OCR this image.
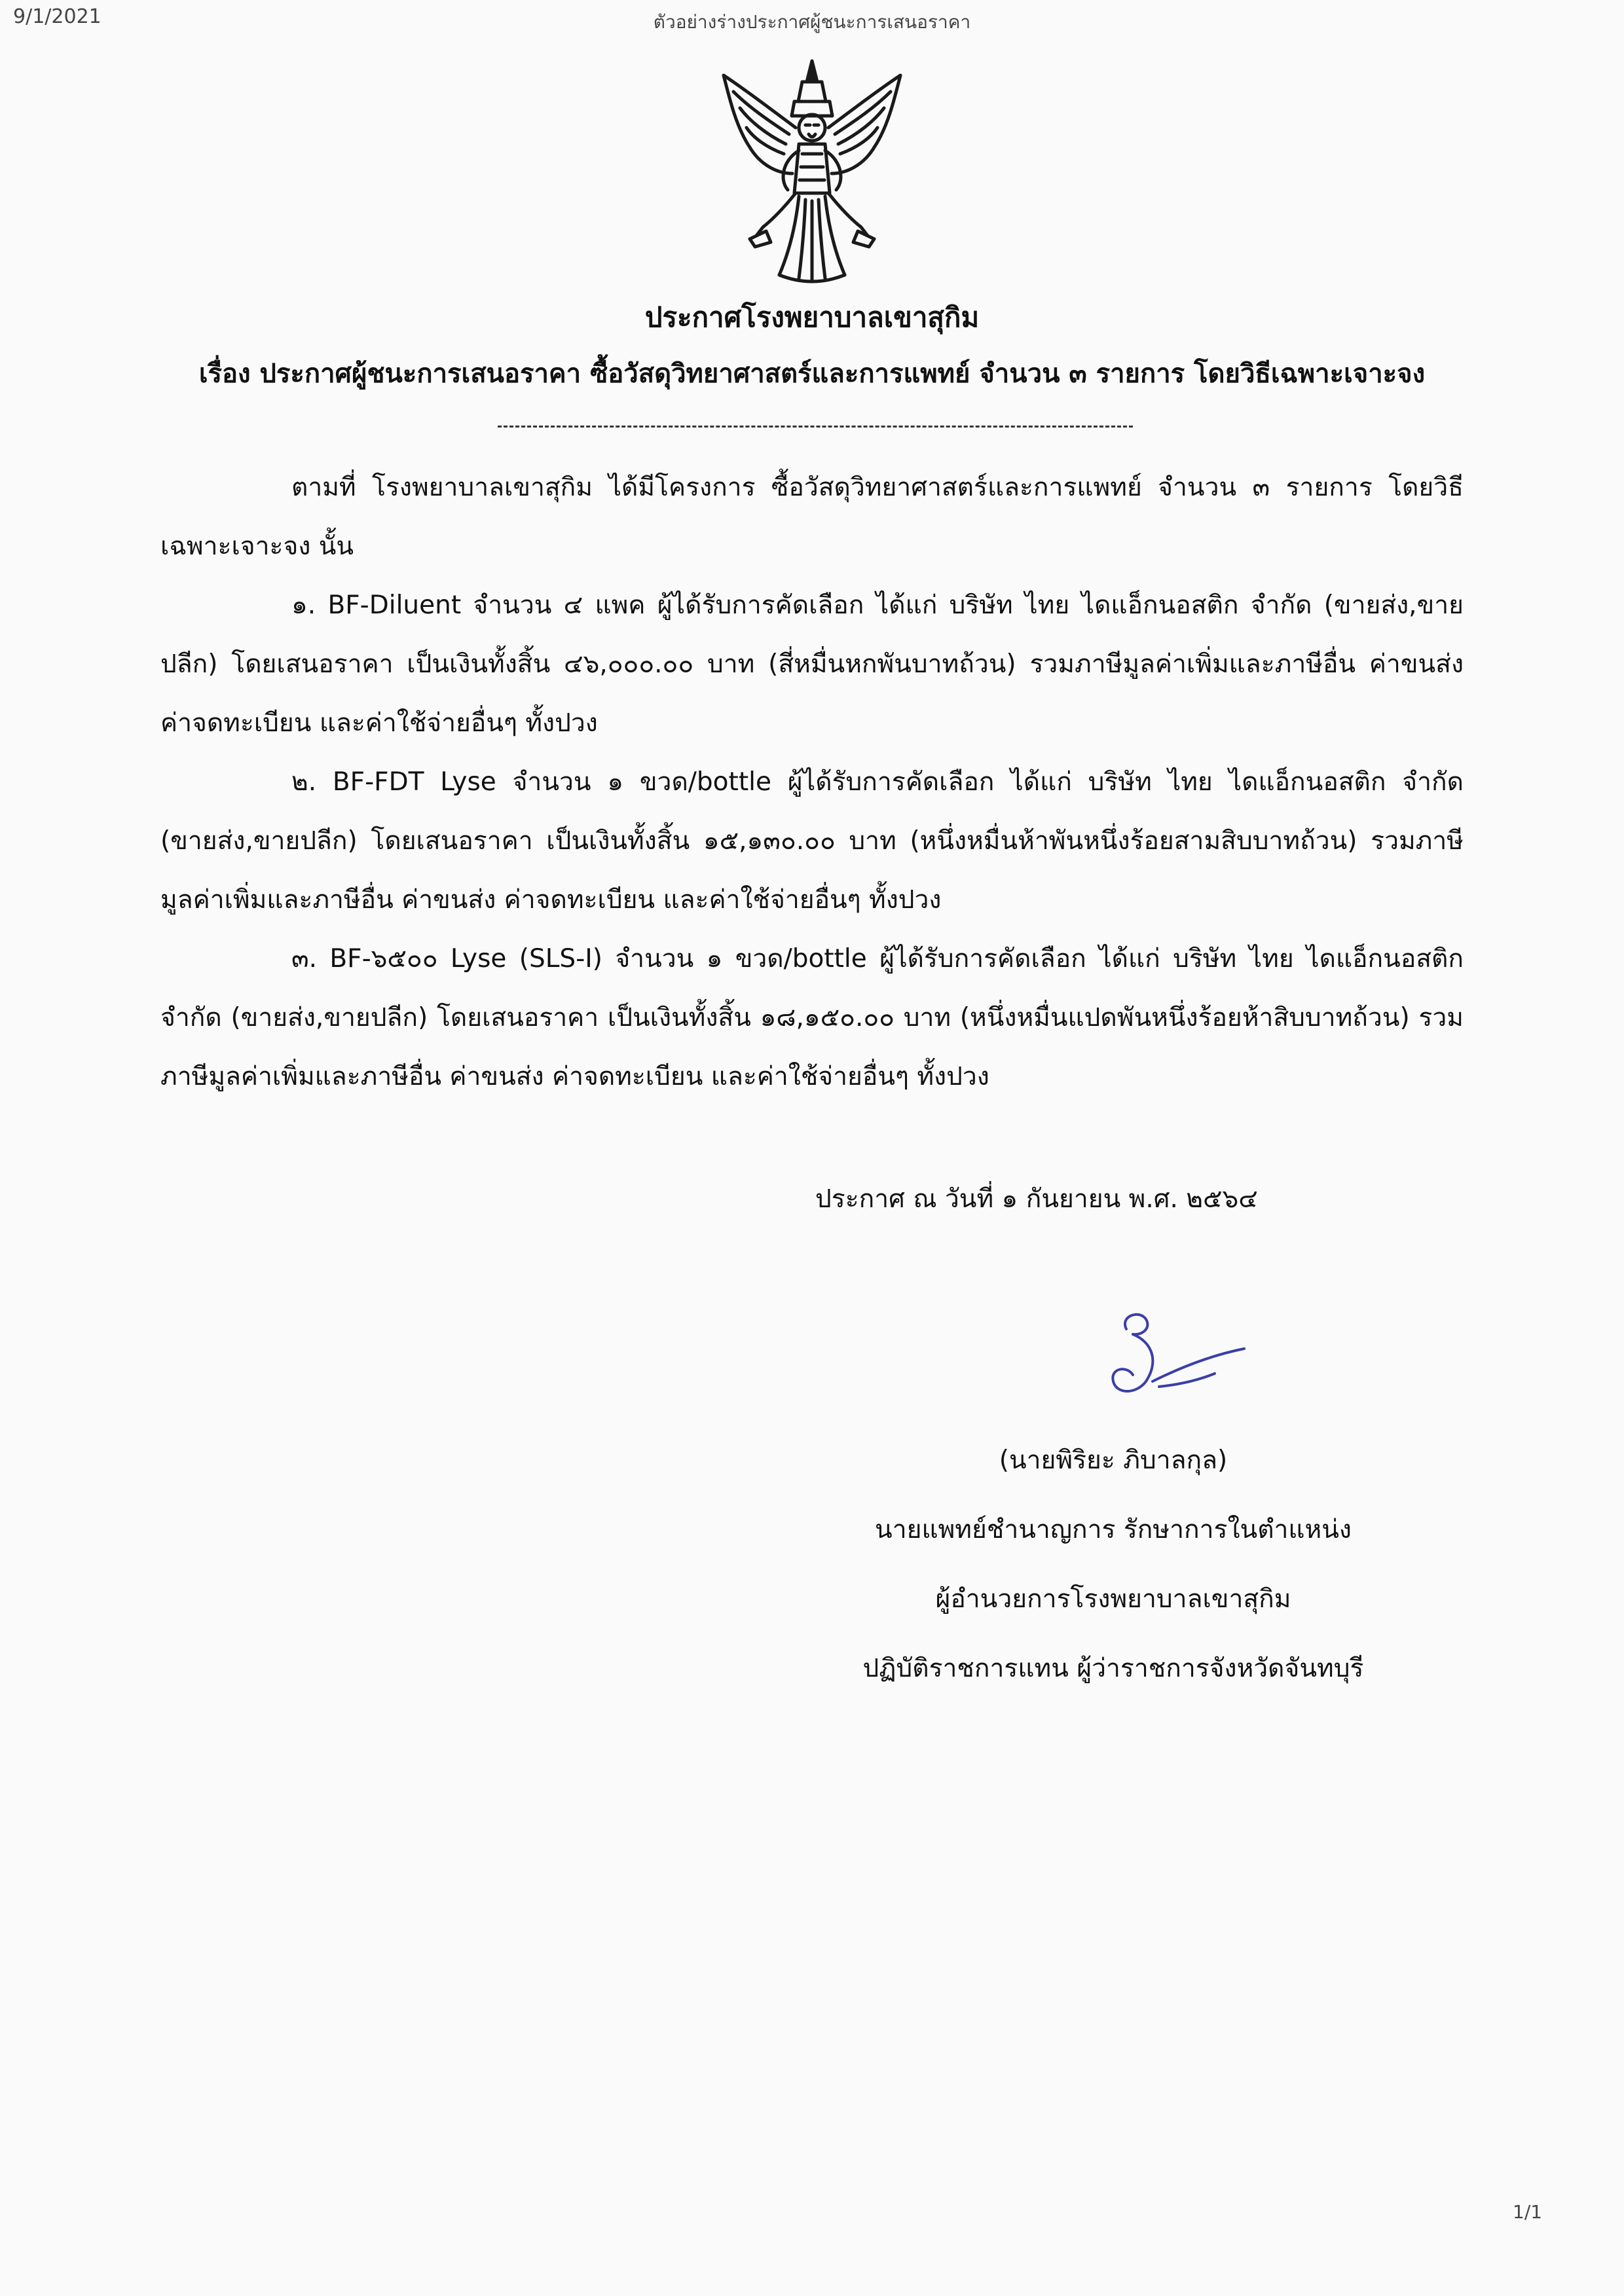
9/1/2021	ตัวอย่างร่างประกาศผู้ชนะการเสนอราคา
ประกาศโรงพยาบาลเขาสุกิม
เรื่อง ประกาศผู้ชนะการเสนอราคา ซื้อวัสดุวิทยาศาสตร์และการแพทย์ จำนวน ๓ รายการ โดยวิธีเฉพาะเจาะจง

ตามที่ โรงพยาบาลเขาสุกิม ได้มีโครงการ ซื้อวัสดุวิทยาศาสตร์และการแพทย์ จำนวน ๓ รายการ โดยวิธีเฉพาะเจาะจง นั้น

๑. BF-Diluent จำนวน ๔ แพค ผู้ได้รับการคัดเลือก ได้แก่ บริษัท ไทย ไดแอ็กนอสติก จำกัด (ขายส่ง,ขายปลีก) โดยเสนอราคา เป็นเงินทั้งสิ้น ๔๖,๐๐๐.๐๐ บาท (สี่หมื่นหกพันบาทถ้วน) รวมภาษีมูลค่าเพิ่มและภาษีอื่น ค่าขนส่ง ค่าจดทะเบียน และค่าใช้จ่ายอื่นๆ ทั้งปวง

๒. BF-FDT Lyse จำนวน ๑ ขวด/bottle ผู้ได้รับการคัดเลือก ได้แก่ บริษัท ไทย ไดแอ็กนอสติก จำกัด (ขายส่ง,ขายปลีก) โดยเสนอราคา เป็นเงินทั้งสิ้น ๑๕,๑๓๐.๐๐ บาท (หนึ่งหมื่นห้าพันหนึ่งร้อยสามสิบบาทถ้วน) รวมภาษีมูลค่าเพิ่มและภาษีอื่น ค่าขนส่ง ค่าจดทะเบียน และค่าใช้จ่ายอื่นๆ ทั้งปวง

๓. BF-๖๕๐๐ Lyse (SLS-I) จำนวน ๑ ขวด/bottle ผู้ได้รับการคัดเลือก ได้แก่ บริษัท ไทย ไดแอ็กนอสติก จำกัด (ขายส่ง,ขายปลีก) โดยเสนอราคา เป็นเงินทั้งสิ้น ๑๘,๑๕๐.๐๐ บาท (หนึ่งหมื่นแปดพันหนึ่งร้อยห้าสิบบาทถ้วน) รวมภาษีมูลค่าเพิ่มและภาษีอื่น ค่าขนส่ง ค่าจดทะเบียน และค่าใช้จ่ายอื่นๆ ทั้งปวง

ประกาศ ณ วันที่ ๑ กันยายน พ.ศ. ๒๕๖๔
(นายพิริยะ ภิบาลกุล)
นายแพทย์ชำนาญการ รักษาการในตำแหน่ง
ผู้อำนวยการโรงพยาบาลเขาสุกิม
ปฏิบัติราชการแทน ผู้ว่าราชการจังหวัดจันทบุรี
1/1
